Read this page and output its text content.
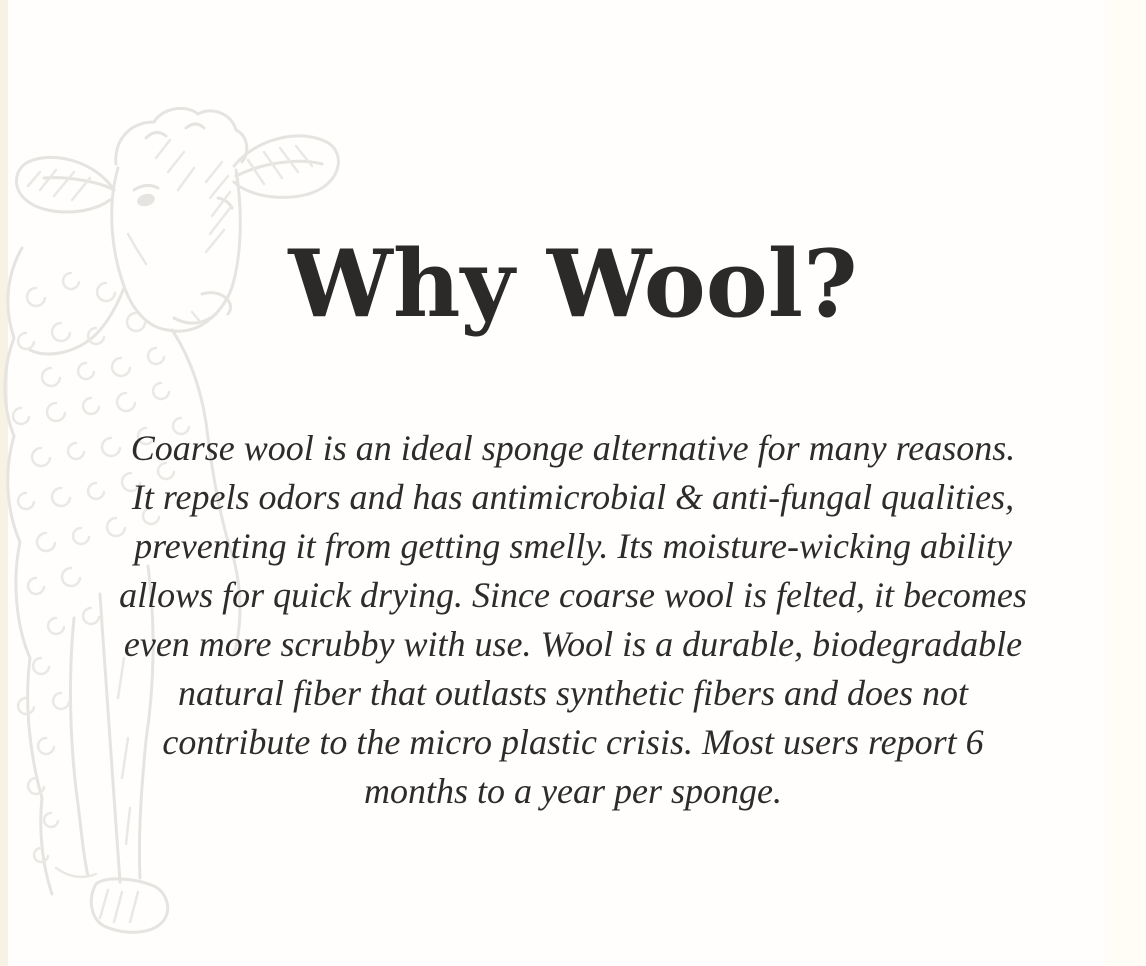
Why Wool?
Coarse wool is an ideal sponge alternative for many reasons.
It repels odors and has antimicrobial & anti-fungal qualities,
preventing it from getting smelly. Its moisture-wicking ability
allows for quick drying. Since coarse wool is felted, it becomes
even more scrubby with use. Wool is a durable, biodegradable
natural fiber that outlasts synthetic fibers and does not
contribute to the micro plastic crisis. Most users report 6
months to a year per sponge.
